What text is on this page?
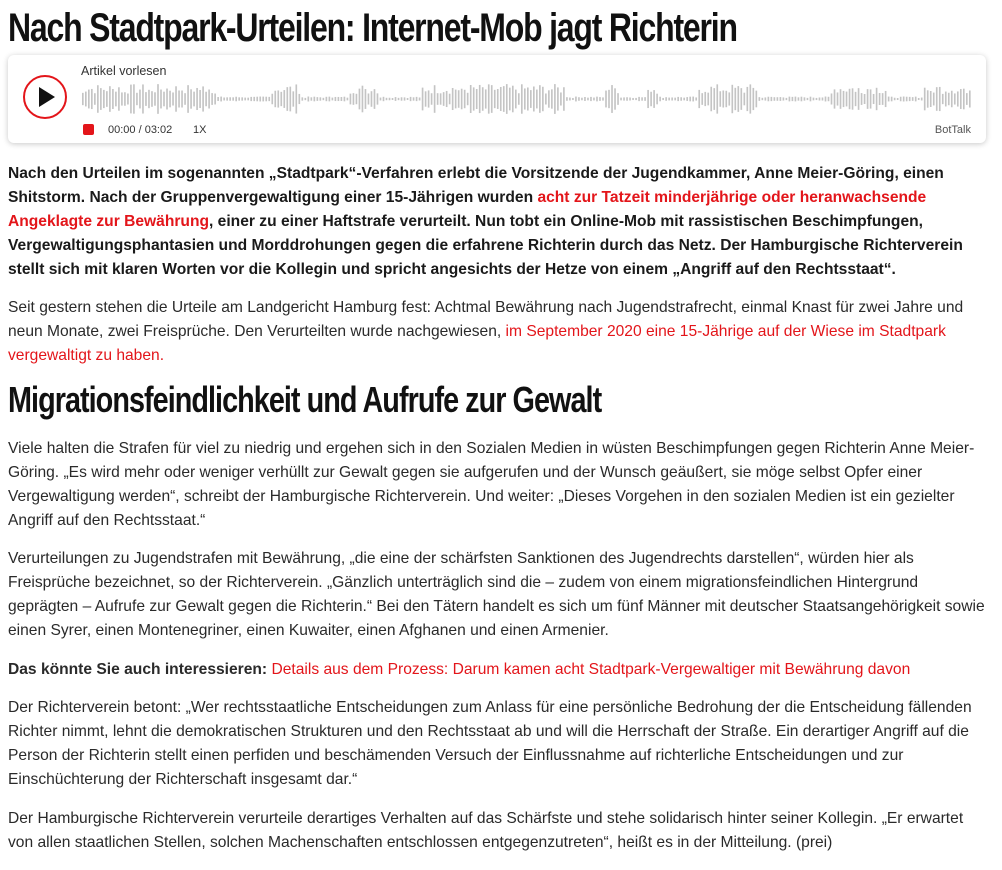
Nach Stadtpark-Urteilen: Internet-Mob jagt Richterin
Artikel vorlesen
00:00 / 03:02 1X	BotTalk

Nach den Urteilen im sogenannten „Stadtpark“-Verfahren erlebt die Vorsitzende der Jugendkammer, Anne Meier-Göring, einen Shitstorm. Nach der Gruppenvergewaltigung einer 15-Jährigen wurden acht zur Tatzeit minderjährige oder heranwachsende Angeklagte zur Bewährung, einer zu einer Haftstrafe verurteilt. Nun tobt ein Online-Mob mit rassistischen Beschimpfungen, Vergewaltigungsphantasien und Morddrohungen gegen die erfahrene Richterin durch das Netz. Der Hamburgische Richterverein stellt sich mit klaren Worten vor die Kollegin und spricht angesichts der Hetze von einem „Angriff auf den Rechtsstaat“.

Seit gestern stehen die Urteile am Landgericht Hamburg fest: Achtmal Bewährung nach Jugendstrafrecht, einmal Knast für zwei Jahre und neun Monate, zwei Freisprüche. Den Verurteilten wurde nachgewiesen, im September 2020 eine 15-Jährige auf der Wiese im Stadtpark vergewaltigt zu haben.

Migrationsfeindlichkeit und Aufrufe zur Gewalt

Viele halten die Strafen für viel zu niedrig und ergehen sich in den Sozialen Medien in wüsten Beschimpfungen gegen Richterin Anne Meier-Göring. „Es wird mehr oder weniger verhüllt zur Gewalt gegen sie aufgerufen und der Wunsch geäußert, sie möge selbst Opfer einer Vergewaltigung werden“, schreibt der Hamburgische Richterverein. Und weiter: „Dieses Vorgehen in den sozialen Medien ist ein gezielter Angriff auf den Rechtsstaat.“

Verurteilungen zu Jugendstrafen mit Bewährung, „die eine der schärfsten Sanktionen des Jugendrechts darstellen“, würden hier als Freisprüche bezeichnet, so der Richterverein. „Gänzlich unterträglich sind die – zudem von einem migrationsfeindlichen Hintergrund geprägten – Aufrufe zur Gewalt gegen die Richterin.“ Bei den Tätern handelt es sich um fünf Männer mit deutscher Staatsangehörigkeit sowie einen Syrer, einen Montenegriner, einen Kuwaiter, einen Afghanen und einen Armenier.

Das könnte Sie auch interessieren: Details aus dem Prozess: Darum kamen acht Stadtpark-Vergewaltiger mit Bewährung davon

Der Richterverein betont: „Wer rechtsstaatliche Entscheidungen zum Anlass für eine persönliche Bedrohung der die Entscheidung fällenden Richter nimmt, lehnt die demokratischen Strukturen und den Rechtsstaat ab und will die Herrschaft der Straße. Ein derartiger Angriff auf die Person der Richterin stellt einen perfiden und beschämenden Versuch der Einflussnahme auf richterliche Entscheidungen und zur Einschüchterung der Richterschaft insgesamt dar.“

Der Hamburgische Richterverein verurteile derartiges Verhalten auf das Schärfste und stehe solidarisch hinter seiner Kollegin. „Er erwartet von allen staatlichen Stellen, solchen Machenschaften entschlossen entgegenzutreten“, heißt es in der Mitteilung. (prei)
